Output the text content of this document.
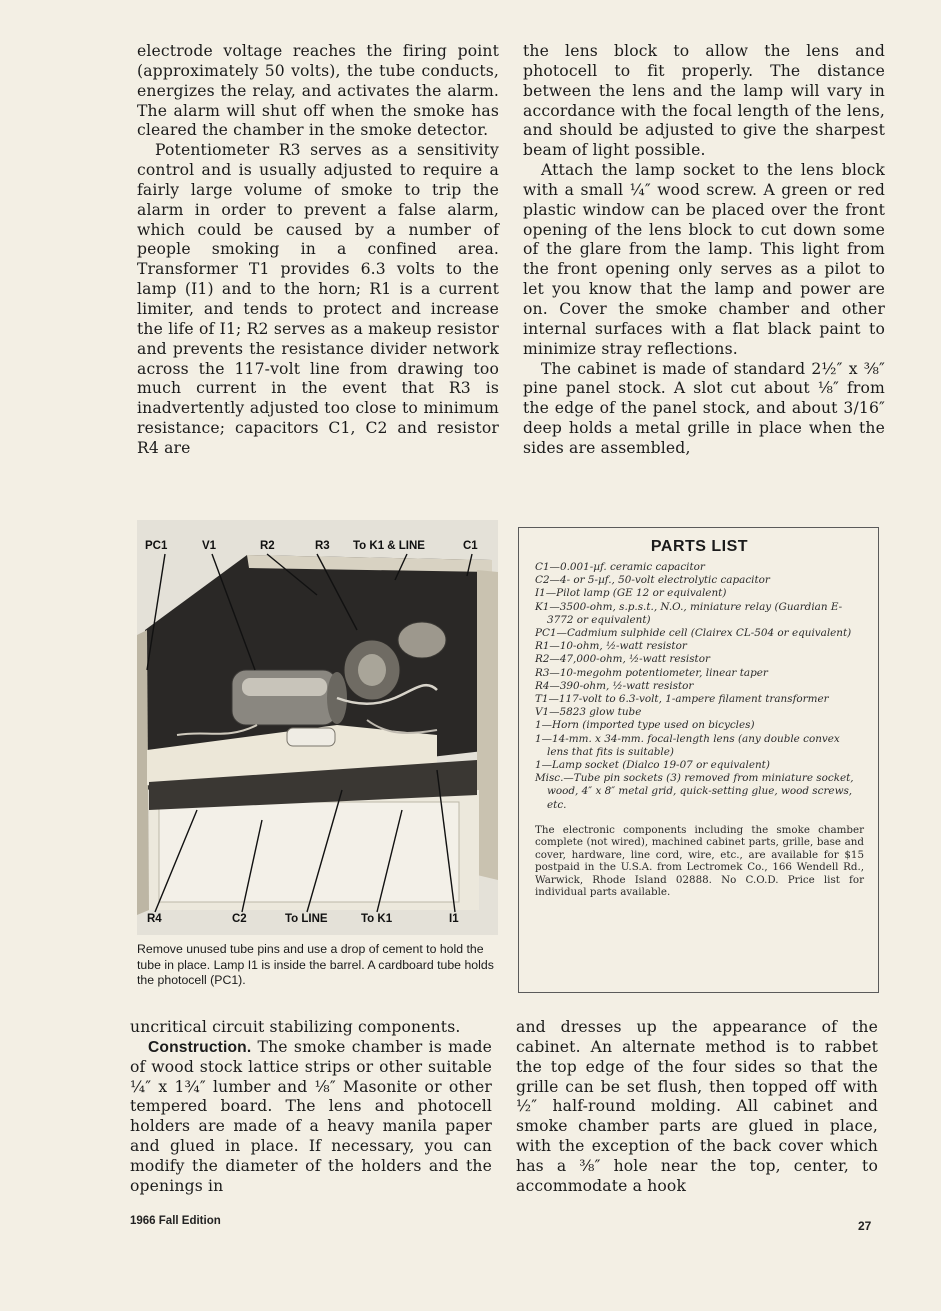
electrode voltage reaches the firing point (approximately 50 volts), the tube conducts, energizes the relay, and activates the alarm. The alarm will shut off when the smoke has cleared the chamber in the smoke detector.

Potentiometer R3 serves as a sensitivity control and is usually adjusted to require a fairly large volume of smoke to trip the alarm in order to prevent a false alarm, which could be caused by a number of people smoking in a confined area. Transformer T1 provides 6.3 volts to the lamp (I1) and to the horn; R1 is a current limiter, and tends to protect and increase the life of I1; R2 serves as a makeup resistor and prevents the resistance divider network across the 117-volt line from drawing too much current in the event that R3 is inadvertently adjusted too close to minimum resistance; capacitors C1, C2 and resistor R4 are

the lens block to allow the lens and photocell to fit properly. The distance between the lens and the lamp will vary in accordance with the focal length of the lens, and should be adjusted to give the sharpest beam of light possible.

Attach the lamp socket to the lens block with a small ¼″ wood screw. A green or red plastic window can be placed over the front opening of the lens block to cut down some of the glare from the lamp. This light from the front opening only serves as a pilot to let you know that the lamp and power are on. Cover the smoke chamber and other internal surfaces with a flat black paint to minimize stray reflections.

The cabinet is made of standard 2½″ x ⅜″ pine panel stock. A slot cut about ⅛″ from the edge of the panel stock, and about 3/16″ deep holds a metal grille in place when the sides are assembled,

PC1	V1	R2	R3 To K1 & LINE	C1
R4	C2	To LINE	To K1	I1
Remove unused tube pins and use a drop of cement to hold the tube in place. Lamp I1 is inside the barrel. A cardboard tube holds the photocell (PC1).
PARTS LIST
C1—0.001-µf. ceramic capacitor
C2—4- or 5-µf., 50-volt electrolytic capacitor
I1—Pilot lamp (GE 12 or equivalent)
K1—3500-ohm, s.p.s.t., N.O., miniature relay (Guardian E-3772 or equivalent)
PC1—Cadmium sulphide cell (Clairex CL-504 or equivalent)
R1—10-ohm, ½-watt resistor
R2—47,000-ohm, ½-watt resistor
R3—10-megohm potentiometer, linear taper
R4—390-ohm, ½-watt resistor
T1—117-volt to 6.3-volt, 1-ampere filament transformer
V1—5823 glow tube
1—Horn (imported type used on bicycles)
1—14-mm. x 34-mm. focal-length lens (any double convex lens that fits is suitable)
1—Lamp socket (Dialco 19-07 or equivalent)
Misc.—Tube pin sockets (3) removed from miniature socket, wood, 4″ x 8″ metal grid, quick-setting glue, wood screws, etc.
The electronic components including the smoke chamber complete (not wired), machined cabinet parts, grille, base and cover, hardware, line cord, wire, etc., are available for $15 postpaid in the U.S.A. from Lectromek Co., 166 Wendell Rd., Warwick, Rhode Island 02888. No C.O.D. Price list for individual parts available.

uncritical circuit stabilizing components.

Construction. The smoke chamber is made of wood stock lattice strips or other suitable ¼″ x 1¾″ lumber and ⅛″ Masonite or other tempered board. The lens and photocell holders are made of a heavy manila paper and glued in place. If necessary, you can modify the diameter of the holders and the openings in

and dresses up the appearance of the cabinet. An alternate method is to rabbet the top edge of the four sides so that the grille can be set flush, then topped off with ½″ half-round molding. All cabinet and smoke chamber parts are glued in place, with the exception of the back cover which has a ⅜″ hole near the top, center, to accommodate a hook

1966 Fall Edition	27
